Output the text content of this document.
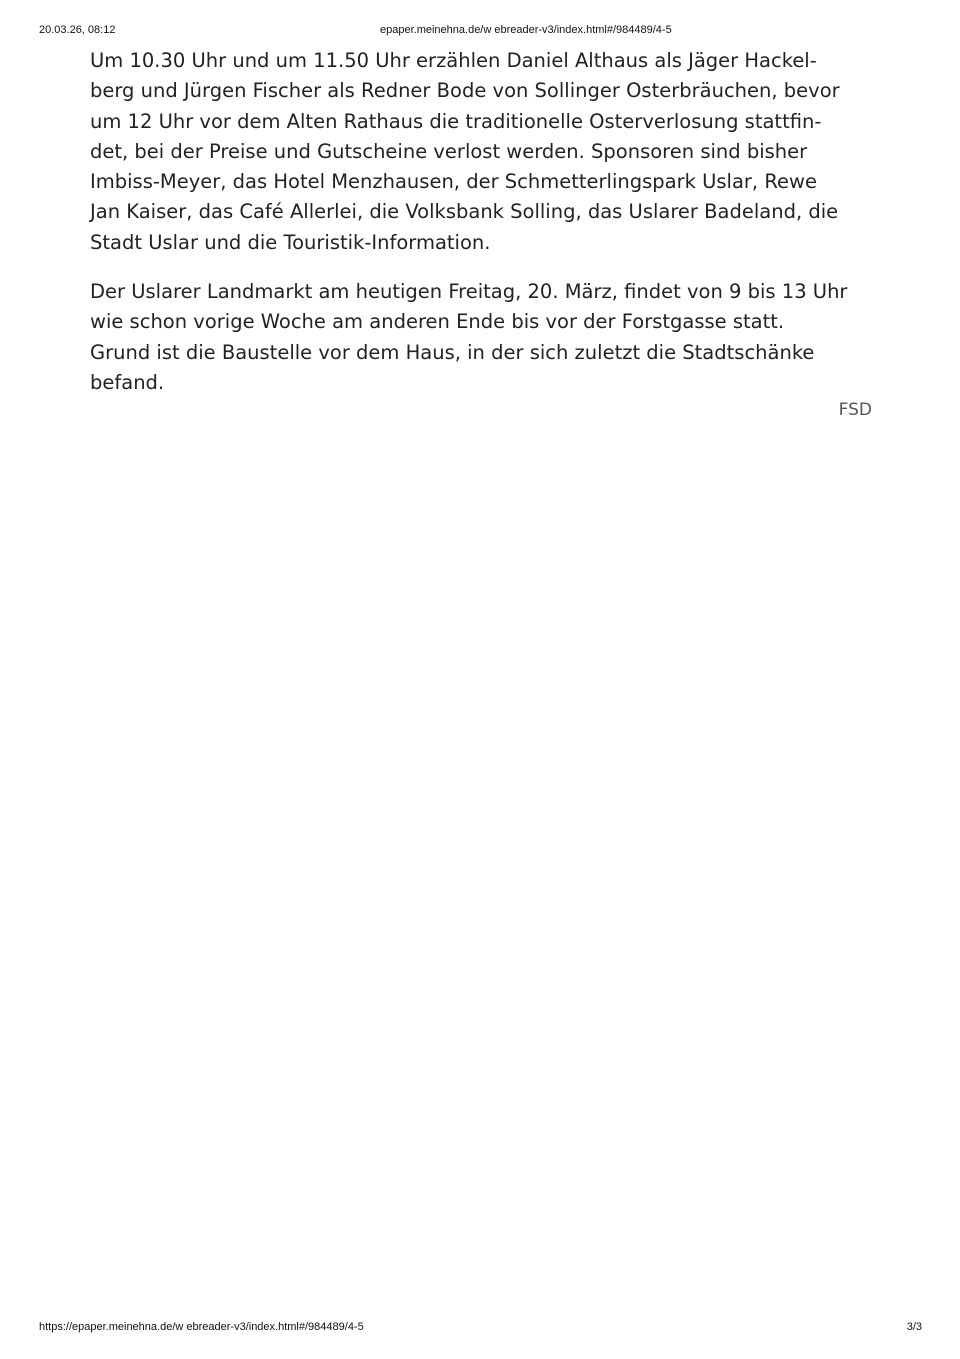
20.03.26, 08:12	epaper.meinehna.de/w ebreader-v3/index.html#/984489/4-5

Um 10.30 Uhr und um 11.50 Uhr erzählen Daniel Althaus als Jäger Hackel-
berg und Jürgen Fischer als Redner Bode von Sollinger Osterbräuchen, bevor
um 12 Uhr vor dem Alten Rathaus die traditionelle Osterverlosung stattfin-
det, bei der Preise und Gutscheine verlost werden. Sponsoren sind bisher
Imbiss-Meyer, das Hotel Menzhausen, der Schmetterlingspark Uslar, Rewe
Jan Kaiser, das Café Allerlei, die Volksbank Solling, das Uslarer Badeland, die
Stadt Uslar und die Touristik-Information.

Der Uslarer Landmarkt am heutigen Freitag, 20. März, findet von 9 bis 13 Uhr
wie schon vorige Woche am anderen Ende bis vor der Forstgasse statt.
Grund ist die Baustelle vor dem Haus, in der sich zuletzt die Stadtschänke
befand.

FSD
https://epaper.meinehna.de/w ebreader-v3/index.html#/984489/4-5	3/3
